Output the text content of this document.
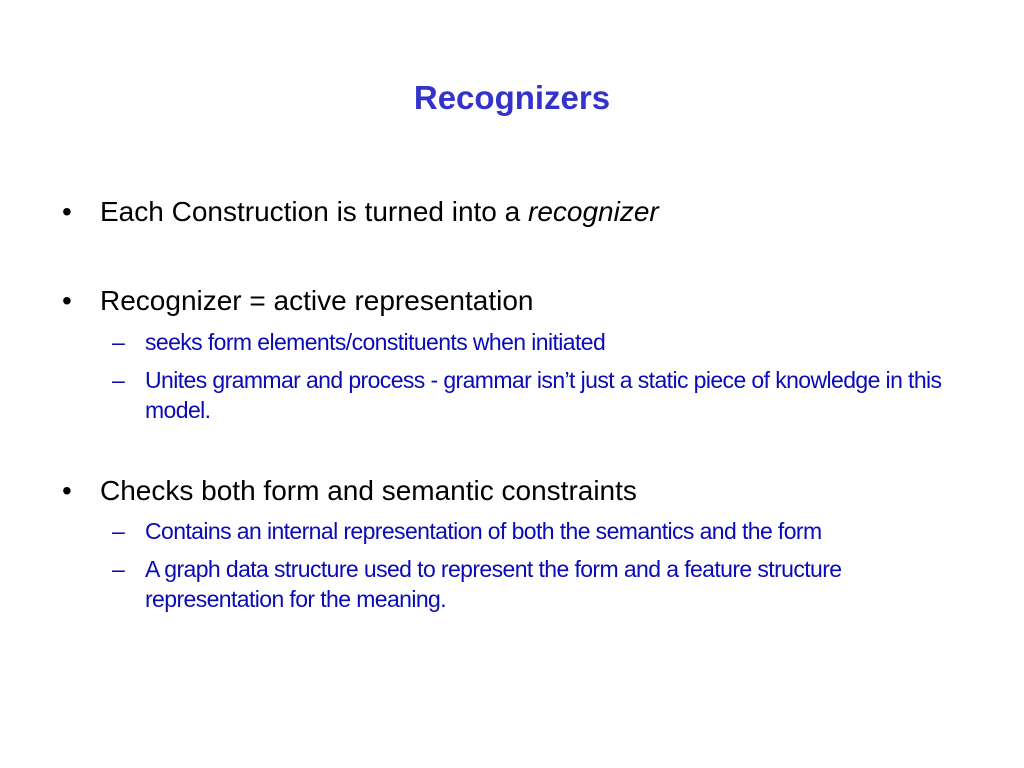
Recognizers
•	Each Construction is turned into a recognizer
•	Recognizer = active representation
– seeks form elements/constituents when initiated
– Unites grammar and process - grammar isn’t just a static piece of knowledge in this model.
•	Checks both form and semantic constraints
– Contains an internal representation of both the semantics and the form
– A graph data structure used to represent the form and a feature structure representation for the meaning.
